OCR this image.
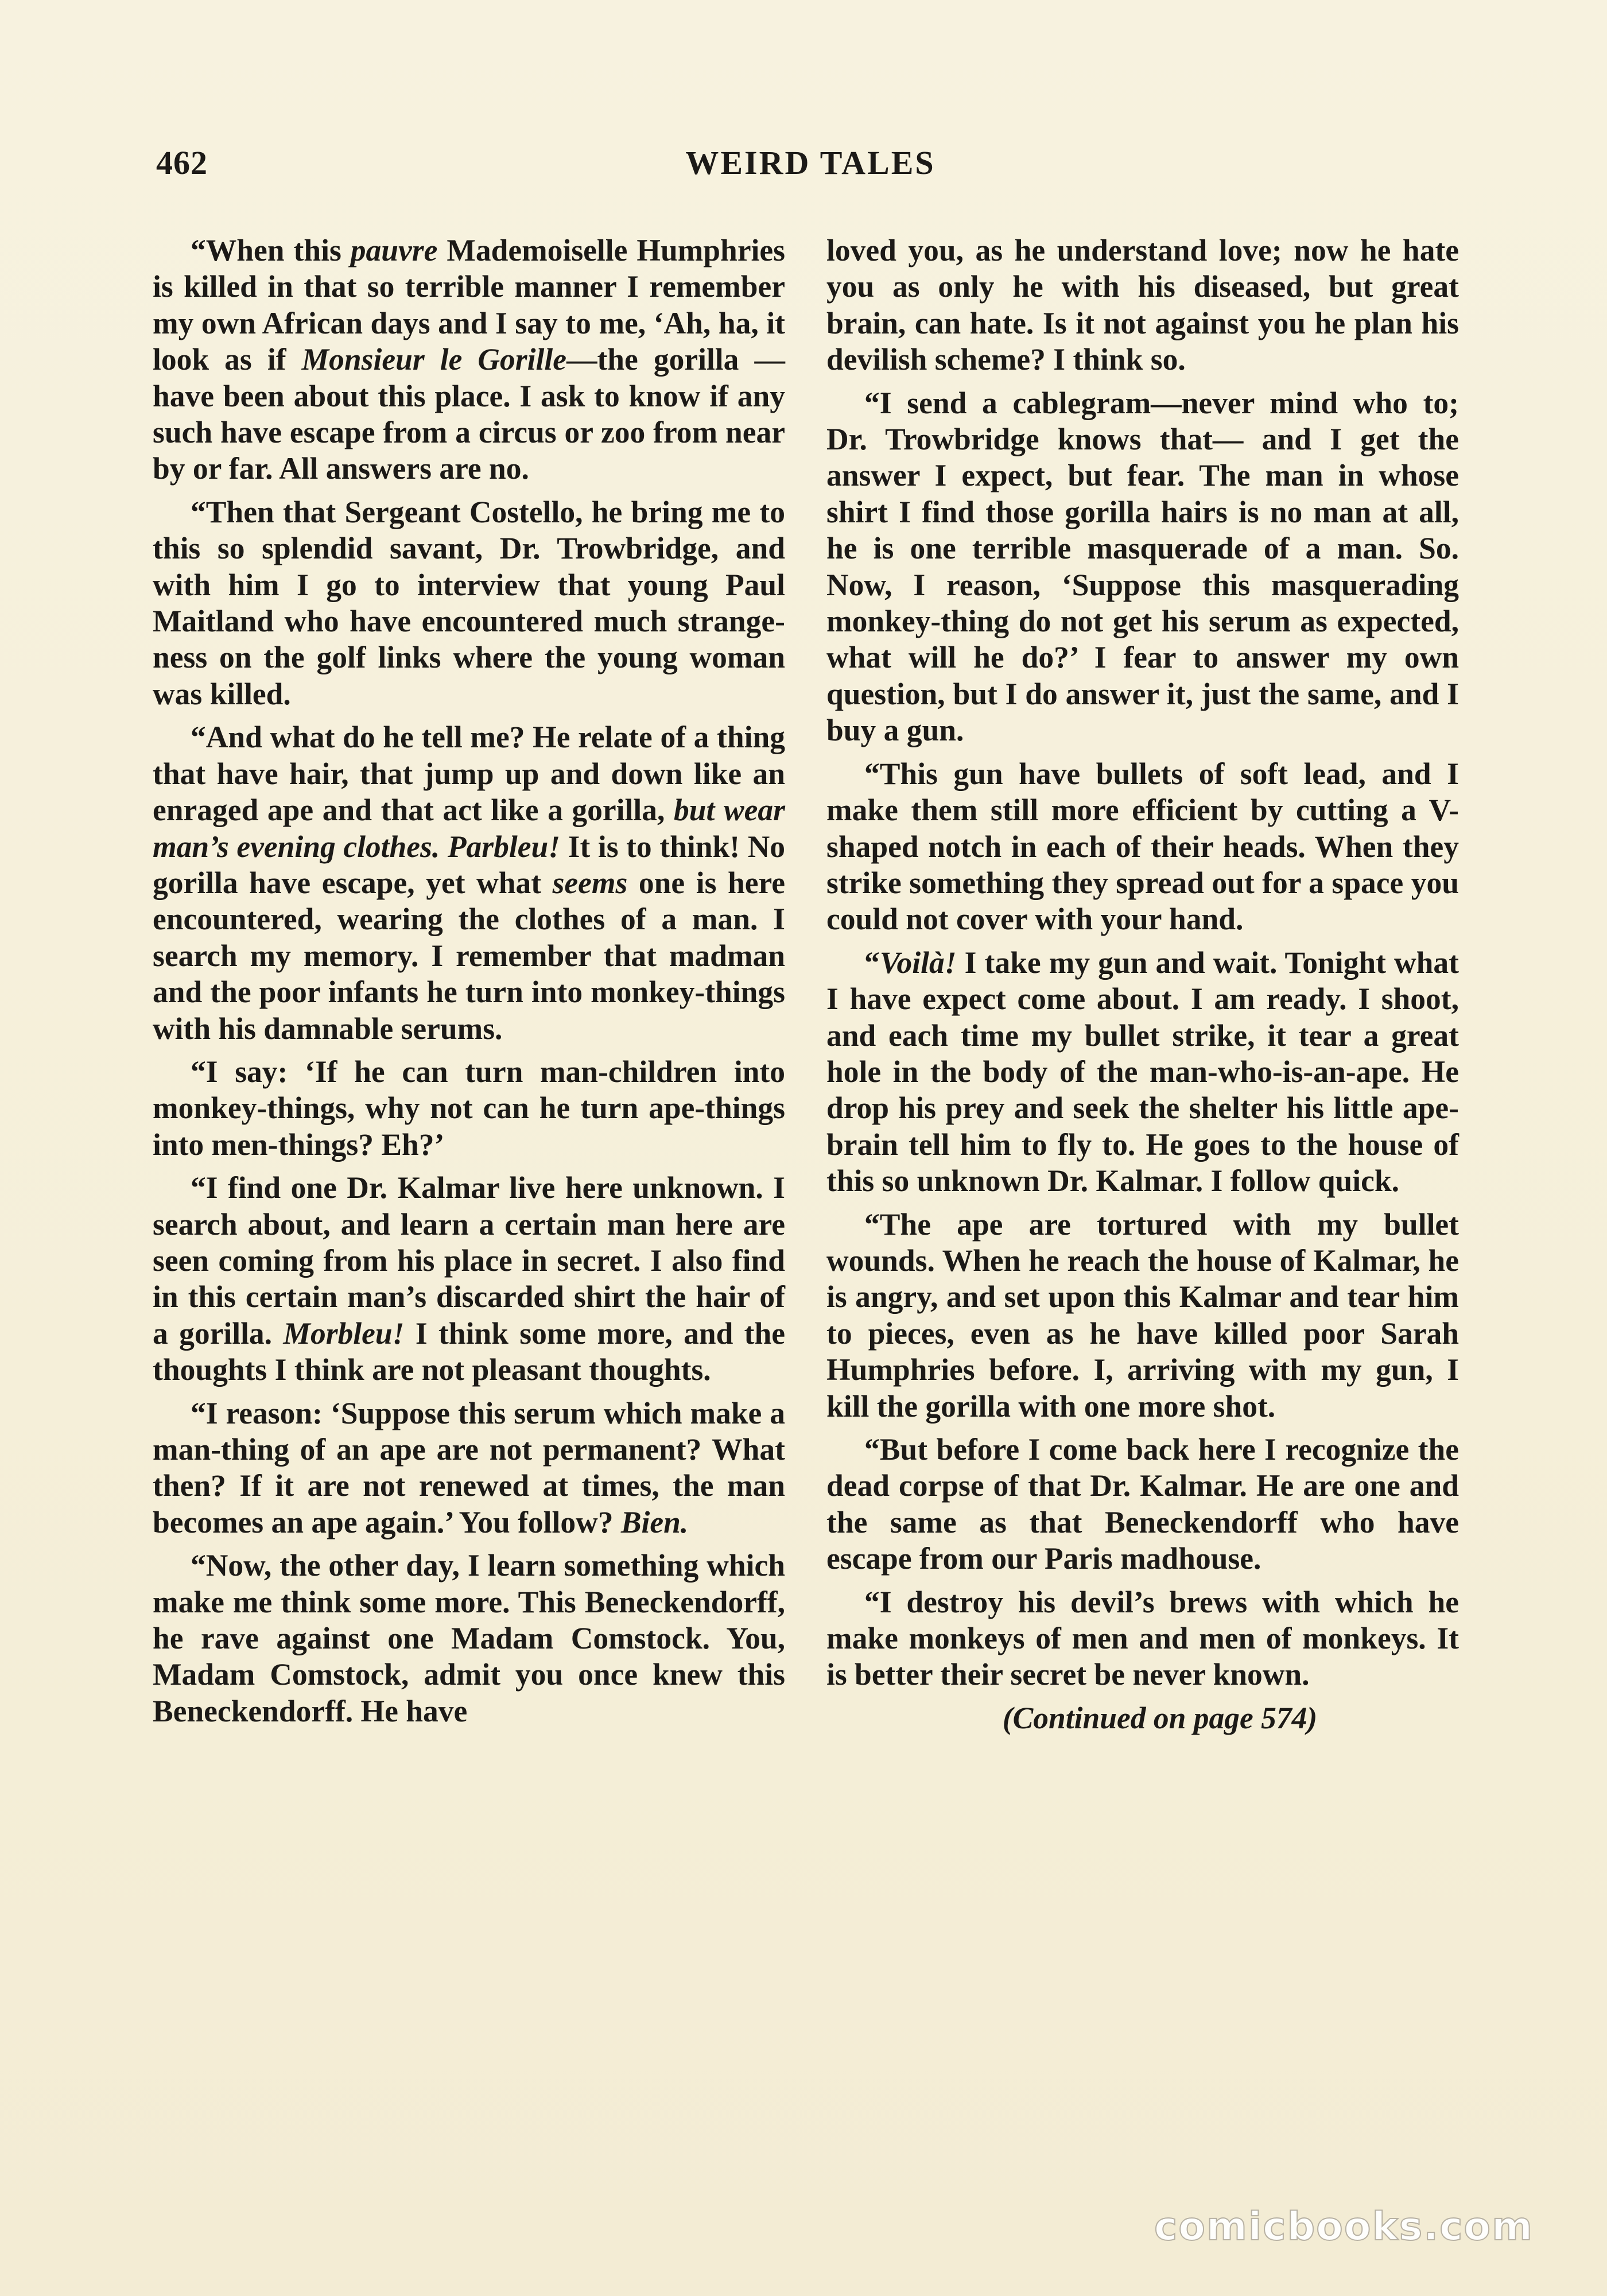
462	WEIRD TALES

“When this pauvre Mademoiselle Humphries is killed in that so terrible manner I remember my own African days and I say to me, ‘Ah, ha, it look as if Monsieur le Gorille—the gorilla —have been about this place. I ask to know if any such have escape from a circus or zoo from near by or far. All answers are no.

“Then that Sergeant Costello, he bring me to this so splendid savant, Dr. Trowbridge, and with him I go to interview that young Paul Maitland who have encountered much strangeness on the golf links where the young woman was killed.

“And what do he tell me? He relate of a thing that have hair, that jump up and down like an enraged ape and that act like a gorilla, but wear man’s evening clothes. Parbleu! It is to think! No gorilla have escape, yet what seems one is here encountered, wearing the clothes of a man. I search my memory. I remember that madman and the poor infants he turn into monkey-things with his damnable serums.

“I say: ‘If he can turn man-children into monkey-things, why not can he turn ape-things into men-things? Eh?’

“I find one Dr. Kalmar live here unknown. I search about, and learn a certain man here are seen coming from his place in secret. I also find in this certain man’s discarded shirt the hair of a gorilla. Morbleu! I think some more, and the thoughts I think are not pleasant thoughts.

“I reason: ‘Suppose this serum which make a man-thing of an ape are not permanent? What then? If it are not renewed at times, the man becomes an ape again.’ You follow? Bien.

“Now, the other day, I learn something which make me think some more. This Beneckendorff, he rave against one Madam Comstock. You, Madam Comstock, admit you once knew this Beneckendorff. He have

loved you, as he understand love; now he hate you as only he with his diseased, but great brain, can hate. Is it not against you he plan his devilish scheme? I think so.

“I send a cablegram—never mind who to; Dr. Trowbridge knows that— and I get the answer I expect, but fear. The man in whose shirt I find those gorilla hairs is no man at all, he is one terrible masquerade of a man. So. Now, I reason, ‘Suppose this masquerading monkey-thing do not get his serum as expected, what will he do?’ I fear to answer my own question, but I do answer it, just the same, and I buy a gun.

“This gun have bullets of soft lead, and I make them still more efficient by cutting a V-shaped notch in each of their heads. When they strike something they spread out for a space you could not cover with your hand.

“Voilà! I take my gun and wait. Tonight what I have expect come about. I am ready. I shoot, and each time my bullet strike, it tear a great hole in the body of the man-who-is-an-ape. He drop his prey and seek the shelter his little ape-brain tell him to fly to. He goes to the house of this so unknown Dr. Kalmar. I follow quick.

“The ape are tortured with my bullet wounds. When he reach the house of Kalmar, he is angry, and set upon this Kalmar and tear him to pieces, even as he have killed poor Sarah Humphries before. I, arriving with my gun, I kill the gorilla with one more shot.

“But before I come back here I recognize the dead corpse of that Dr. Kalmar. He are one and the same as that Beneckendorff who have escape from our Paris madhouse.

“I destroy his devil’s brews with which he make monkeys of men and men of monkeys. It is better their secret be never known.

(Continued on page 574)

comicbooks.com
